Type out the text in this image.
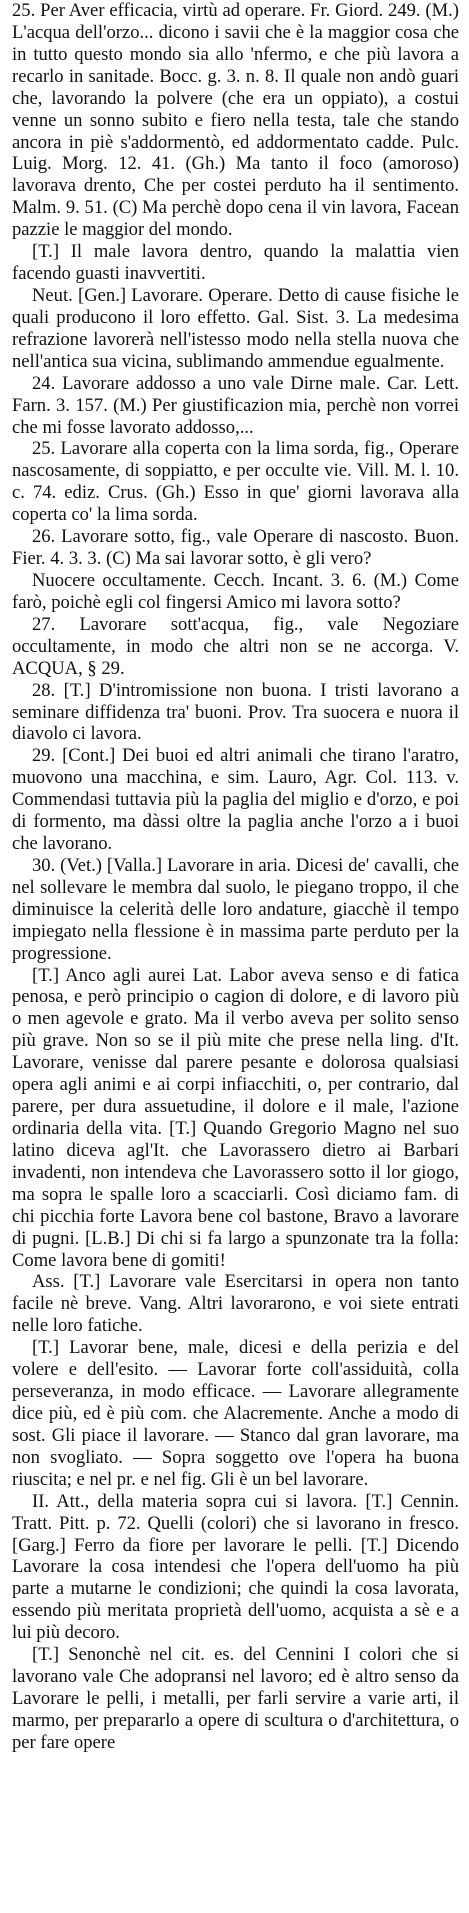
25. Per Aver efficacia, virtù ad operare. Fr. Giord. 249. (M.) L'acqua dell'orzo... dicono i savii che è la maggior cosa che in tutto questo mondo sia allo 'nfermo, e che più lavora a recarlo in sanitade. Bocc. g. 3. n. 8. Il quale non andò guari che, lavorando la polvere (che era un oppiato), a costui venne un sonno subito e fiero nella testa, tale che stando ancora in piè s'addormentò, ed addormentato cadde. Pulc. Luig. Morg. 12. 41. (Gh.) Ma tanto il foco (amoroso) lavorava drento, Che per costei perduto ha il sentimento. Malm. 9. 51. (C) Ma perchè dopo cena il vin lavora, Facean pazzie le maggior del mondo.

[T.] Il male lavora dentro, quando la malattia vien facendo guasti inavvertiti.

Neut. [Gen.] Lavorare. Operare. Detto di cause fisiche le quali producono il loro effetto. Gal. Sist. 3. La medesima refrazione lavorerà nell'istesso modo nella stella nuova che nell'antica sua vicina, sublimando ammendue egualmente.

24. Lavorare addosso a uno vale Dirne male. Car. Lett. Farn. 3. 157. (M.) Per giustificazion mia, perchè non vorrei che mi fosse lavorato addosso,...

25. Lavorare alla coperta con la lima sorda, fig., Operare nascosamente, di soppiatto, e per occulte vie. Vill. M. l. 10. c. 74. ediz. Crus. (Gh.) Esso in que' giorni lavorava alla coperta co' la lima sorda.

26. Lavorare sotto, fig., vale Operare di nascosto. Buon. Fier. 4. 3. 3. (C) Ma sai lavorar sotto, è gli vero?

Nuocere occultamente. Cecch. Incant. 3. 6. (M.) Come farò, poichè egli col fingersi Amico mi lavora sotto?

27. Lavorare sott'acqua, fig., vale Negoziare occultamente, in modo che altri non se ne accorga. V. ACQUA, § 29.

28. [T.] D'intromissione non buona. I tristi lavorano a seminare diffidenza tra' buoni. Prov. Tra suocera e nuora il diavolo ci lavora.

29. [Cont.] Dei buoi ed altri animali che tirano l'aratro, muovono una macchina, e sim. Lauro, Agr. Col. 113. v. Commendasi tuttavia più la paglia del miglio e d'orzo, e poi di formento, ma dàssi oltre la paglia anche l'orzo a i buoi che lavorano.

30. (Vet.) [Valla.] Lavorare in aria. Dicesi de' cavalli, che nel sollevare le membra dal suolo, le piegano troppo, il che diminuisce la celerità delle loro andature, giacchè il tempo impiegato nella flessione è in massima parte perduto per la progressione.

[T.] Anco agli aurei Lat. Labor aveva senso e di fatica penosa, e però principio o cagion di dolore, e di lavoro più o men agevole e grato. Ma il verbo aveva per solito senso più grave. Non so se il più mite che prese nella ling. d'It. Lavorare, venisse dal parere pesante e dolorosa qualsiasi opera agli animi e ai corpi infiacchiti, o, per contrario, dal parere, per dura assuetudine, il dolore e il male, l'azione ordinaria della vita. [T.] Quando Gregorio Magno nel suo latino diceva agl'It. che Lavorassero dietro ai Barbari invadenti, non intendeva che Lavorassero sotto il lor giogo, ma sopra le spalle loro a scacciarli. Così diciamo fam. di chi picchia forte Lavora bene col bastone, Bravo a lavorare di pugni. [L.B.] Di chi si fa largo a spunzonate tra la folla: Come lavora bene di gomiti!

Ass. [T.] Lavorare vale Esercitarsi in opera non tanto facile nè breve. Vang. Altri lavorarono, e voi siete entrati nelle loro fatiche.

[T.] Lavorar bene, male, dicesi e della perizia e del volere e dell'esito. — Lavorar forte coll'assiduità, colla perseveranza, in modo efficace. — Lavorare allegramente dice più, ed è più com. che Alacremente. Anche a modo di sost. Gli piace il lavorare. — Stanco dal gran lavorare, ma non svogliato. — Sopra soggetto ove l'opera ha buona riuscita; e nel pr. e nel fig. Gli è un bel lavorare.

II. Att., della materia sopra cui si lavora. [T.] Cennin. Tratt. Pitt. p. 72. Quelli (colori) che si lavorano in fresco. [Garg.] Ferro da fiore per lavorare le pelli. [T.] Dicendo Lavorare la cosa intendesi che l'opera dell'uomo ha più parte a mutarne le condizioni; che quindi la cosa lavorata, essendo più meritata proprietà dell'uomo, acquista a sè e a lui più decoro.

[T.] Senonchè nel cit. es. del Cennini I colori che si lavorano vale Che adopransi nel lavoro; ed è altro senso da Lavorare le pelli, i metalli, per farli servire a varie arti, il marmo, per prepararlo a opere di scultura o d'architettura, o per fare opere
